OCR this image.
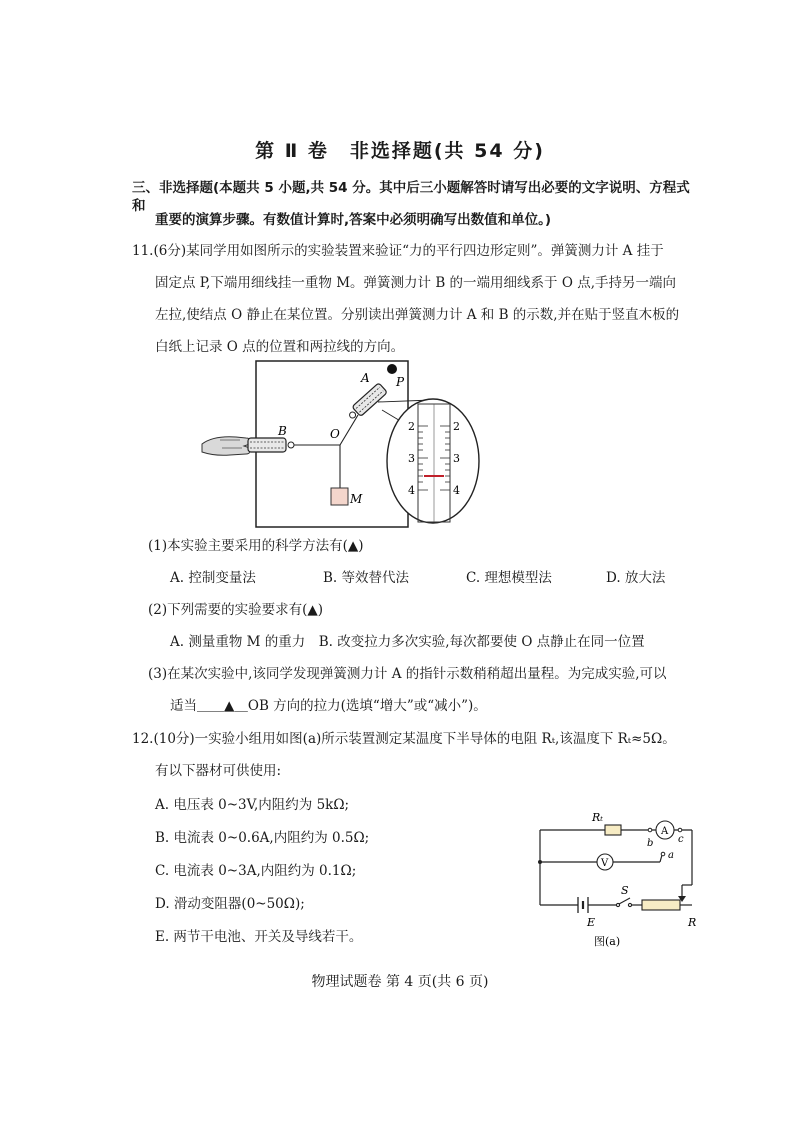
第 Ⅱ 卷　非选择题(共 54 分)
三、非选择题(本题共 5 小题,共 54 分。其中后三小题解答时请写出必要的文字说明、方程式和
重要的演算步骤。有数值计算时,答案中必须明确写出数值和单位。)
11.(6分)某同学用如图所示的实验装置来验证“力的平行四边形定则”。弹簧测力计 A 挂于
固定点 P,下端用细线挂一重物 M。弹簧测力计 B 的一端用细线系于 O 点,手持另一端向
左拉,使结点 O 静止在某位置。分别读出弹簧测力计 A 和 B 的示数,并在贴于竖直木板的
白纸上记录 O 点的位置和两拉线的方向。
B	O
A P
M
2	2
3	3
4	4
(1)本实验主要采用的科学方法有(▲)
A. 控制变量法	B. 等效替代法	C. 理想模型法	D. 放大法
(2)下列需要的实验要求有(▲)
A. 测量重物 M 的重力　B. 改变拉力多次实验,每次都要使 O 点静止在同一位置
(3)在某次实验中,该同学发现弹簧测力计 A 的指针示数稍稍超出量程。为完成实验,可以
适当＿＿▲＿OB 方向的拉力(选填“增大”或“减小”)。
12.(10分)一实验小组用如图(a)所示装置测定某温度下半导体的电阻 Rₜ,该温度下 Rₜ≈5Ω。
有以下器材可供使用:
A. 电压表 0~3V,内阻约为 5kΩ;
B. 电流表 0~0.6A,内阻约为 0.5Ω;
C. 电流表 0~3A,内阻约为 0.1Ω;
D. 滑动变阻器(0~50Ω);
E. 两节干电池、开关及导线若干。
Rₜ
A
b c
a
V
E
S
R
图(a)
物理试题卷 第 4 页(共 6 页)
